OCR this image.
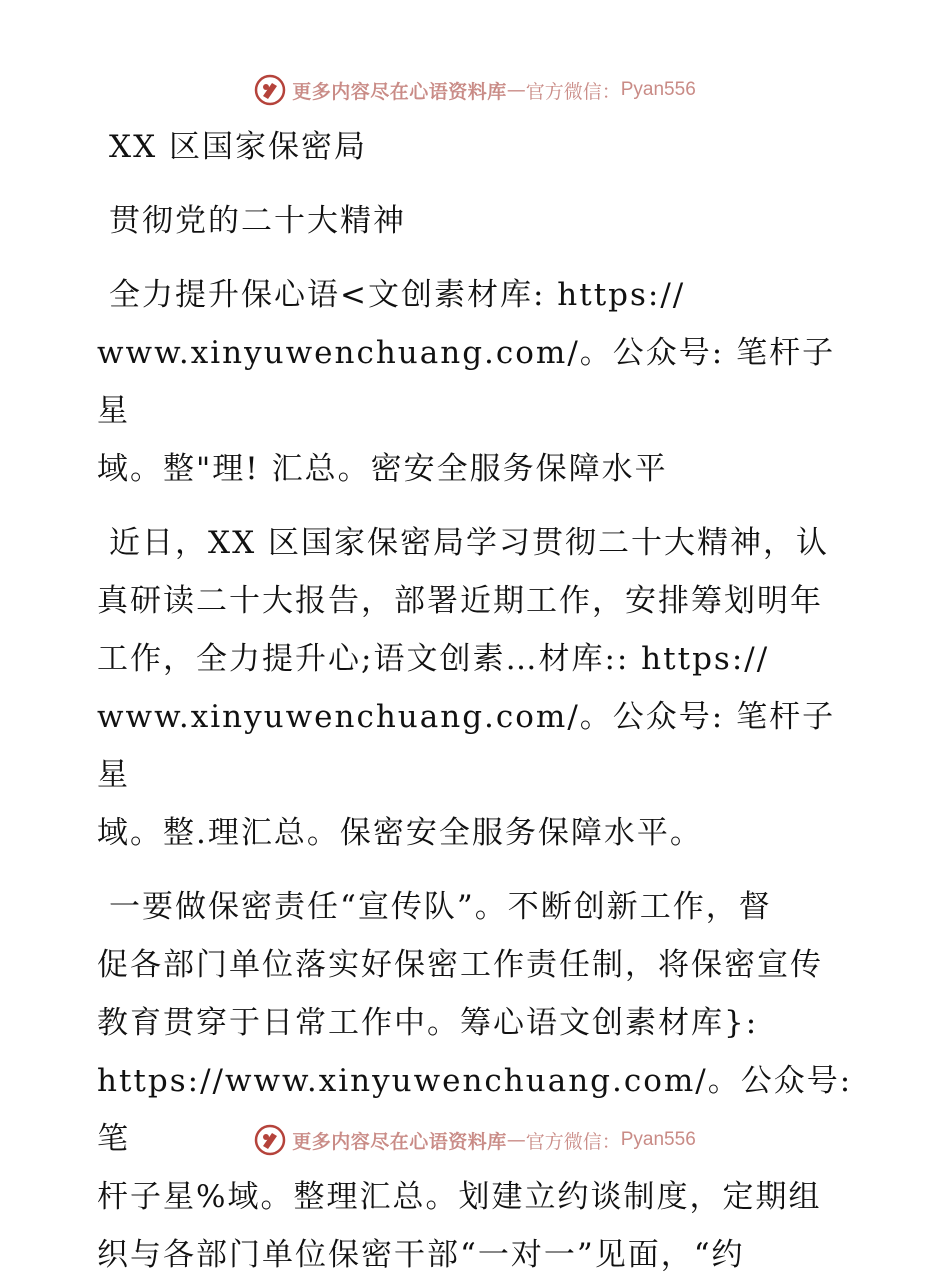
更多内容尽在心语资料库 — 官方微信： Pyan556

XX 区国家保密局

贯彻党的二十大精神

全力提升保心语<文创素材库: https://

www.xinyuwenchuang.com/。公众号: 笔杆子星

域。整"理! 汇总。密安全服务保障水平

近日，XX 区国家保密局学习贯彻二十大精神，认

真研读二十大报告，部署近期工作，安排筹划明年

工作，全力提升心;语文创素…材库:: https://

www.xinyuwenchuang.com/。公众号: 笔杆子星

域。整.理汇总。保密安全服务保障水平。

一要做保密责任“宣传队”。不断创新工作，督

促各部门单位落实好保密工作责任制，将保密宣传

教育贯穿于日常工作中。筹心语文创素材库}:

https://www.xinyuwenchuang.com/。公众号: 笔

杆子星%域。整理汇总。划建立约谈制度，定期组

织与各部门单位保密干部“一对一”见面，“约

更多内容尽在心语资料库 — 官方微信： Pyan556
